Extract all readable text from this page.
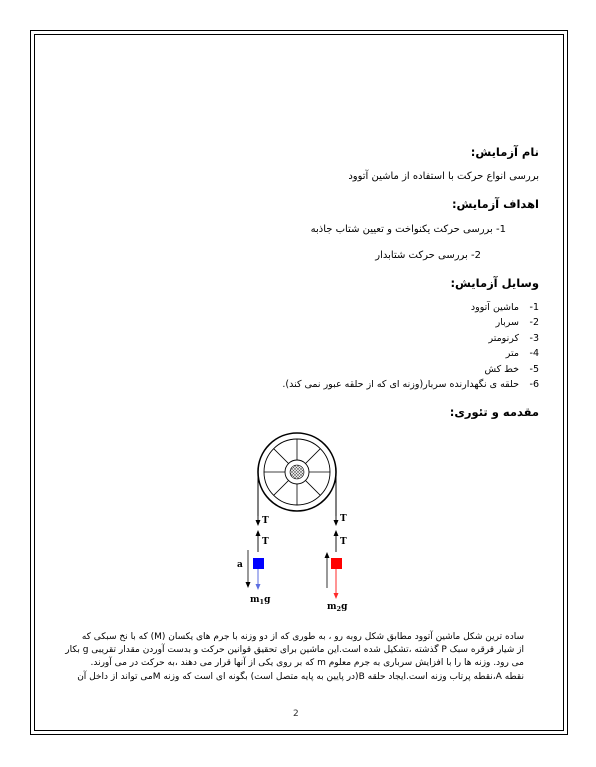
نام آزمایش:
بررسی انواع حرکت با استفاده از ماشین آتوود
اهداف آزمایش:
1- بررسی حرکت یکنواخت و تعیین شتاب جاذبه
2- بررسی حرکت شتابدار
وسایل آزمایش:
1-ماشین آتوود
2-سربار
3-کرنومتر
4-متر
5-خط کش
6-حلقه ی نگهدارنده سربار(وزنه ای که از حلقه عبور نمی کند).
مقدمه و تئوری:
T	T
T	T
a
$m_1g$
$m_2g$
ساده ترین شکل ماشین آتوود مطابق شکل روبه رو ، به طوری که از دو وزنه با جرم های یکسان (M) که با نخ سبکی که
از شیار قرقره سبک P گذشته ،تشکیل شده است.این ماشین برای تحقیق قوانین حرکت و بدست آوردن مقدار تقریبی g بکار
می رود. وزنه ها را با افزایش سرباری به جرم معلوم m که بر روی یکی از آنها قرار می دهند ،به حرکت در می آورند.
نقطه A،نقطه پرتاب وزنه است.ایجاد حلقه B(در پایین به پایه متصل است) بگونه ای است که وزنه Mمی تواند از داخل آن
2
